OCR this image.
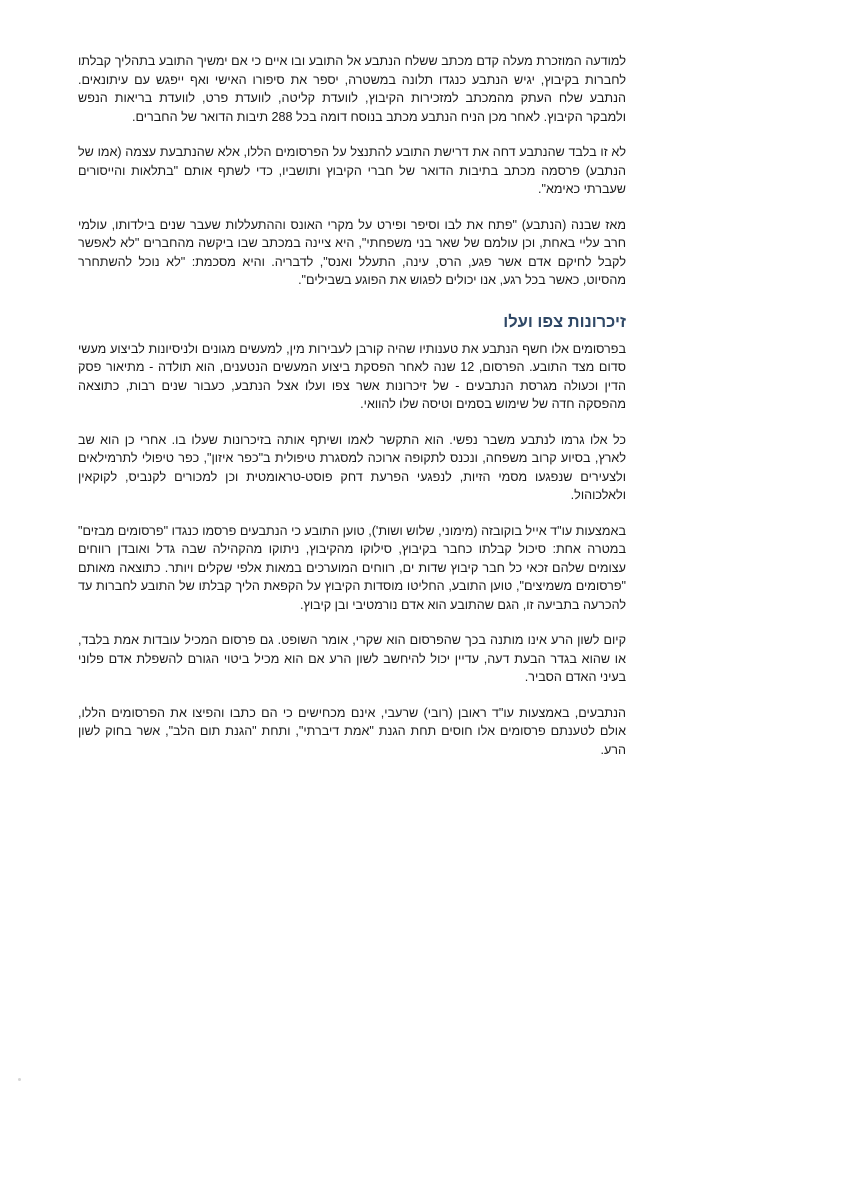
למודעה המוזכרת מעלה קדם מכתב ששלח הנתבע אל התובע ובו איים כי אם ימשיך התובע בתהליך קבלתו לחברות בקיבוץ, יגיש הנתבע כנגדו תלונה במשטרה, יספר את סיפורו האישי ואף ייפגש עם עיתונאים. הנתבע שלח העתק מהמכתב למזכירות הקיבוץ, לוועדת קליטה, לוועדת פרט, לוועדת בריאות הנפש ולמבקר הקיבוץ. לאחר מכן הניח הנתבע מכתב בנוסח דומה בכל 288 תיבות הדואר של החברים.

לא זו בלבד שהנתבע דחה את דרישת התובע להתנצל על הפרסומים הללו, אלא שהנתבעת עצמה (אמו של הנתבע) פרסמה מכתב בתיבות הדואר של חברי הקיבוץ ותושביו, כדי לשתף אותם "בתלאות והייסורים שעברתי כאימא".

מאז שבנה (הנתבע) "פתח את לבו וסיפר ופירט על מקרי האונס וההתעללות שעבר שנים בילדותו, עולמי חרב עליי באחת, וכן עולמם של שאר בני משפחתי", היא ציינה במכתב שבו ביקשה מהחברים "לא לאפשר לקבל לחיקם אדם אשר פגע, הרס, עינה, התעלל ואנס", לדבריה. והיא מסכמת: "לא נוכל להשתחרר מהסיוט, כאשר בכל רגע, אנו יכולים לפגוש את הפוגע בשבילים".

זיכרונות צפו ועלו

בפרסומים אלו חשף הנתבע את טענותיו שהיה קורבן לעבירות מין, למעשים מגונים ולניסיונות לביצוע מעשי סדום מצד התובע. הפרסום, 12 שנה לאחר הפסקת ביצוע המעשים הנטענים, הוא תולדה - מתיאור פסק הדין וכעולה מגרסת הנתבעים - של זיכרונות אשר צפו ועלו אצל הנתבע, כעבור שנים רבות, כתוצאה מהפסקה חדה של שימוש בסמים וטיסה שלו להוואי.

כל אלו גרמו לנתבע משבר נפשי. הוא התקשר לאמו ושיתף אותה בזיכרונות שעלו בו. אחרי כן הוא שב לארץ, בסיוע קרוב משפחה, ונכנס לתקופה ארוכה למסגרת טיפולית ב"כפר איזון", כפר טיפולי לתרמילאים ולצעירים שנפגעו מסמי הזיות, לנפגעי הפרעת דחק פוסט-טראומטית וכן למכורים לקנביס, לקוקאין ולאלכוהול.

באמצעות עו"ד אייל בוקובזה (מימוני, שלוש ושות'), טוען התובע כי הנתבעים פרסמו כנגדו "פרסומים מבזים" במטרה אחת: סיכול קבלתו כחבר בקיבוץ, סילוקו מהקיבוץ, ניתוקו מהקהילה שבה גדל ואובדן רווחים עצומים שלהם זכאי כל חבר קיבוץ שדות ים, רווחים המוערכים במאות אלפי שקלים ויותר. כתוצאה מאותם "פרסומים משמיצים", טוען התובע, החליטו מוסדות הקיבוץ על הקפאת הליך קבלתו של התובע לחברות עד להכרעה בתביעה זו, הגם שהתובע הוא אדם נורמטיבי ובן קיבוץ.

קיום לשון הרע אינו מותנה בכך שהפרסום הוא שקרי, אומר השופט. גם פרסום המכיל עובדות אמת בלבד, או שהוא בגדר הבעת דעה, עדיין יכול להיחשב לשון הרע אם הוא מכיל ביטוי הגורם להשפלת אדם פלוני בעיני האדם הסביר.

הנתבעים, באמצעות עו"ד ראובן (רובי) שרעבי, אינם מכחישים כי הם כתבו והפיצו את הפרסומים הללו, אולם לטענתם פרסומים אלו חוסים תחת הגנת "אמת דיברתי", ותחת "הגנת תום הלב", אשר בחוק לשון הרע.
